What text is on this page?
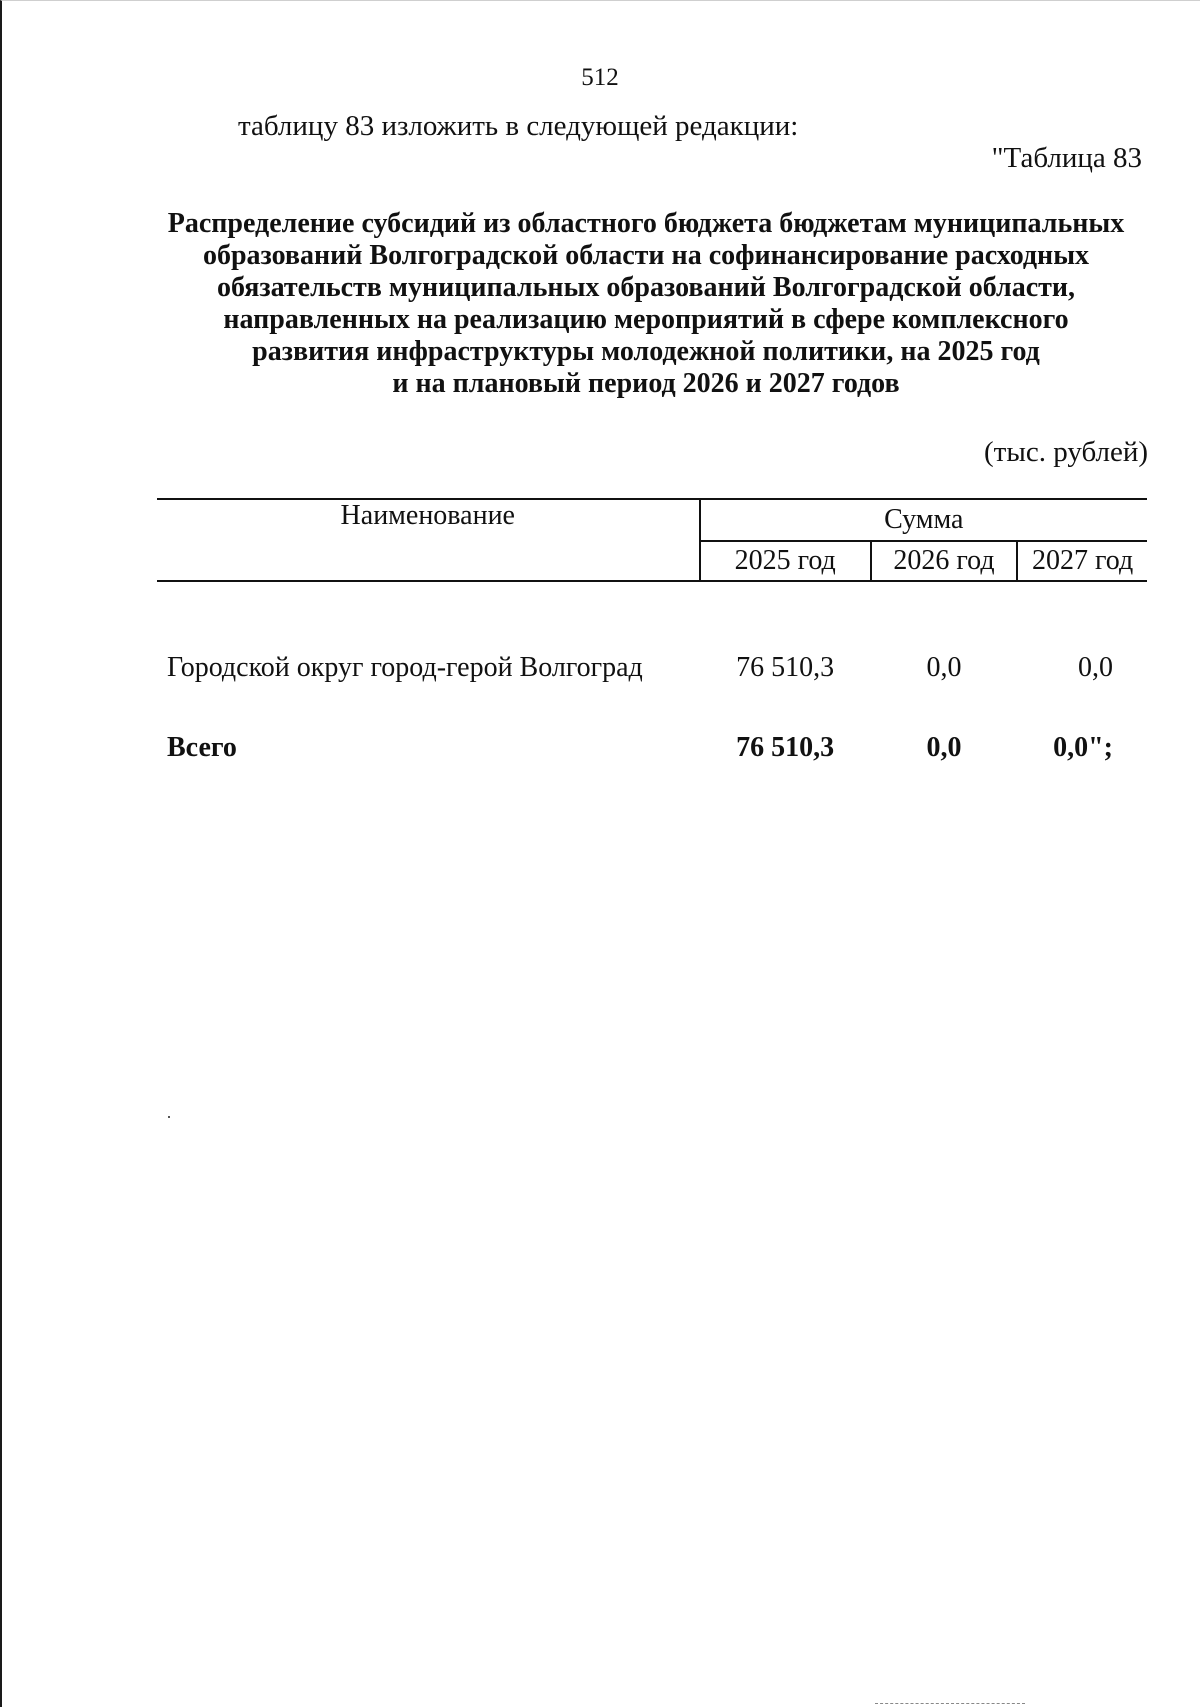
512
таблицу 83 изложить в следующей редакции:
"Таблица 83
Распределение субсидий из областного бюджета бюджетам муниципальных
образований Волгоградской области на софинансирование расходных
обязательств муниципальных образований Волгоградской области,
направленных на реализацию мероприятий в сфере комплексного
развития инфраструктуры молодежной политики, на 2025 год
и на плановый период 2026 и 2027 годов
(тыс. рублей)
Наименование	Сумма		
	2025 год	2026 год	2027 год
Городской округ город-герой Волгоград	76 510,3	0,0	0,0
Всего	76 510,3	0,0	0,0";
